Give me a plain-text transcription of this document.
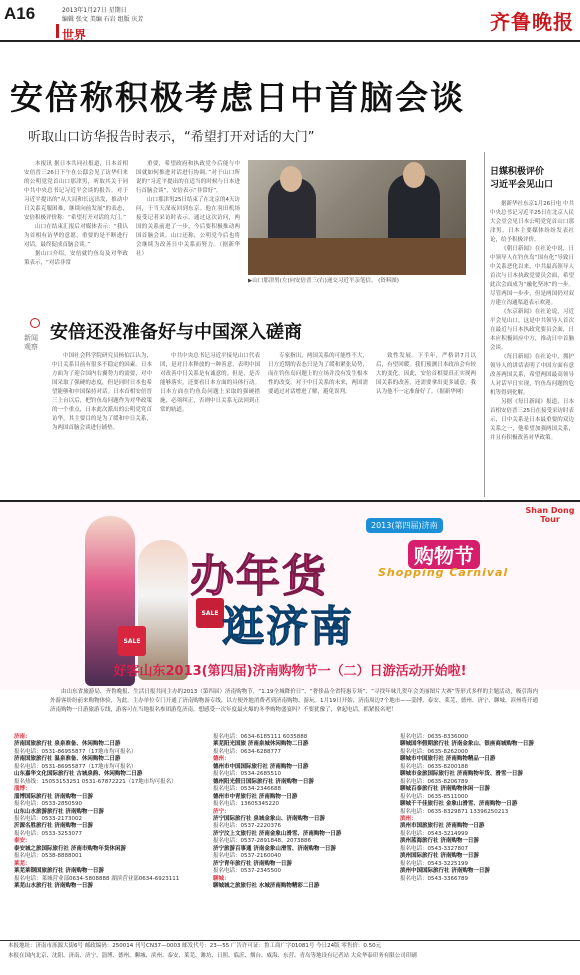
A16	2013年1月27日 星期日
编辑 张文 美编 石岩 组版 庆芳
世界
齐鲁晚报
安倍称积极考虑日中首脑会谈
听取山口访华报告时表示，“希望打开对话的大门”

本报讯 据日本共同社报道，日本首相安倍晋三26日下午在公邸会见了访华归来的公明党党首山口那津男，听取其关于同中共中央总书记习近平会谈的报告。对于习近平提出的“从大局和长远出发，推动中日关系克服困难，继续向前发展”的表态，安倍积极评价称：“希望打开对话的大门。”

山口在结束汇报后对媒体表示：“我认为首相有访华的意愿，重要的是不断进行对话，最终促成首脑会谈。”

据山口介绍，安倍就钓鱼岛及对华政策表示，“对话非常

重要，希望政府和执政党今后能与中国就如何推进对话进行协调。”对于山口所说的“习近平提出的在适当的时候与日本进行首脑会谈”，安倍表示“非常好”。

山口那津男25日结束了在北京的4天访问，于当天深夜回到东京。他在羽田机场接受记者采访时表示，通过这次访问，两国的关系前进了一步，今后要积极推动两国首脑会谈。山口还称，公明党今后也将会继续为改善日中关系而努力。（据新华社）

▶山口那津男(左)向安倍晋三(右)递交习近平亲笔信。 (资料图)
日媒积极评价
习近平会见山口

据新华社东京1月26日电 中共中央总书记习近平25日在北京人民大会堂会见日本公明党党首山口那津男。日本主要媒体纷纷发表社论，给予积极评价。

《朝日新闻》在社论中说，日中领导人在钓鱼岛“国有化”导致日中关系恶化以来，中共最高领导人首次与日本执政党要员会面，希望此次会面成为“融化坚冰”的一步。尽管两国一步步，但是两国仍对双方建立沟通渠道表示欢迎。

《东京新闻》在社论说，习近平会见山口，这是中共领导人首次在最近与日本执政党要员会面，日本应积极回应中方，推动日中首脑会谈。

《每日新闻》在社论中，拥护领导人的讲话表明了中国方面有意改善两国关系，希望两国最高领导人对话早日实现，钓鱼岛问题的危机等得到化解。

另据《每日新闻》报道，日本首相安倍晋三25日在接受采访时表示，日中关系是日本最重要的双边关系之一，他希望加强两国关系，并且有积极改善对华政策。

新闻观察
安倍还没准备好与中国深入磋商

中国社会科学院研究员杨伯江认为，中日关系目前有很多不稳定的因素。日本方面为了迎合国内右翼势力的需要，对中国采取了强硬的态度，但是同时日本也希望能够和中国保持对话。日本首相安倍晋三上台以后，把钓鱼岛问题作为对华政策的一个重点，日本此次派出的公明党党首访华，其主要目的是为了缓和中日关系，为两国首脑会谈进行铺垫。

中共中央总书记习近平接见山口代表团，是对日本释放的一种善意，表明中国对改善中日关系是有诚意的。但是，是否能够落实，还要看日本方面的具体行动。日本方面在钓鱼岛问题上采取的强硬措施，必须纠正，否则中日关系无法回到正常的轨道。

专家指出，两国关系的可能性不大，日方近期的表态只是为了缓和紧张局势，而在钓鱼岛问题上的立场并没有发生根本性的改变。对于中日关系的未来，两国需要通过对话增进了解，避免误判。

致性发展。下半年，严格讲7月以后，有望回暖。我们预测日本政治会有较大的变化。因此，安倍首相要真正实现两国关系的改善，还需要拿出更多诚意。我认为他不一定准备好了。（据新华网）

SALE
SALE
Shan Dong Tour
2013(第四届)济南
购物节
Shopping Carnival
办年货
逛济南
好客山东2013(第四届)济南购物节一（二）日游活动开始啦!
由山东省旅游局、齐鲁晚报、生活日报共同主办的2013（第四届）济南购物节，“1.19全城降价日”、“奢侈品全省特惠专场”、“寻找年味儿贺年会美丽图片大赛”等形式多样的主题活动，吸引海内外游客纷纷前来购物体验，为此，主办单位专门开通了济南购物游专线，以方便外地消费者到济南购物、游玩。1月19日开始，济南周边7个地市——淄博、泰安、莱芜、德州、济宁、聊城、滨州将开通济南购物一日游旅游专线，游客可在当地报名参团游览济南。想感受一次年度最火爆的冬季购物盛宴吗？不要犹豫了，拿起电话，抓紧报名吧！
济南：
济南国旅旅行社 泉泉准备、休闲购物二日游
报名电话：0531-86955877（17地市均可报名）
济南国旅旅行社 温泉准备、休闲购物二日游
报名电话：0531-86955877（17地市均可报名）
山东嘉华文化国际旅行社 古城泉韵、休闲购物二日游
报名热线：15053153251 0531-67872221（17地市均可报名）
淄博：
淄博国际旅行社 济南购物一日游
报名电话：0533-2850590
山东山水旅游旅行社 济南购物一日游
报名电话：0533-2173002
沂源名胜旅行社 济南购物一日游
报名电话：0533-3253077
泰安：
泰安城之旅国际旅行社 济南市购物年货休闲游
报名电话：0538-8888001
莱芜：
莱芜莱钢国旅旅行社 济南购物一日游
报名电话：莱城营业部0634-5808888 湖滨营业部0634-6923111
莱芜山水旅行社 济南购物一日游
报名电话：0634-6185111 6035888
莱芜阳光国旅 济南泉城休闲购物二日游
报名电话：0634-6288777
德州：
德州市中国国际旅行社 济南购物一日游
报名电话：0534-2685510
德州阳光假日国际旅行社 济南购物一日游
报名电话：0534-2346688
德州市中青旅行社 济南购物一日游
报名电话：13605345220
济宁：
济宁国际旅行社 泉城金象山、济南购物一日游
报名电话：0537-2220376
济宁汶上文旅行社 济南金象山滑雪、济南购物一日游
报名电话：0537-2891848、2073886
济宁旅游百事通 济南金象山滑雪、济南购物一日游
报名电话：0537-2160040
济宁青年旅行社 济南购物一日游
报名电话：0537-2345500
聊城：
聊城城之旅旅行社 水城济南购物精彩二日游
报名电话：0635-8336000
聊城国华假期旅行社 济南金象山、银座商城购物一日游
报名电话：0635-8262000
聊城市中国旅行社 济南购物精品一日游
报名电话：0635-8200188
聊城市金旅国际旅行社 济南购物年货、滑雪一日游
报名电话：0635-8206789
聊城百泰旅行社 济南购物休闲一日游
报名电话：0635-8511000
聊城千千佳旅行社 金象山滑雪、济南购物一日游
报名电话：0635-8329871 13396250213
滨州：
滨州市国旅旅行社 济南购物一日游
报名电话：0543-3214999
滨州蓝海旅行社 济南购物一日游
报名电话：0543-3327807
滨州国际旅行社 济南购物一日游
报名电话：0543-3225199
滨州中国国际旅行社 济南购物一日游
报名电话：0543-3366789
本报地址：济南市泺源大街6号 邮政编码：250014 刊号CN37—0003 邮发代号：23—55 广告许可证：鲁工商广字01081号 今日24版 零售价：0.50元
本报在国内北京、沈阳、济南、济宁、淄博、德州、聊城、滨州、泰安、莱芜、潍坊、日照、临沂、烟台、威海、东营、青岛等地设有记者站 大众华泰印务有限公司印刷
